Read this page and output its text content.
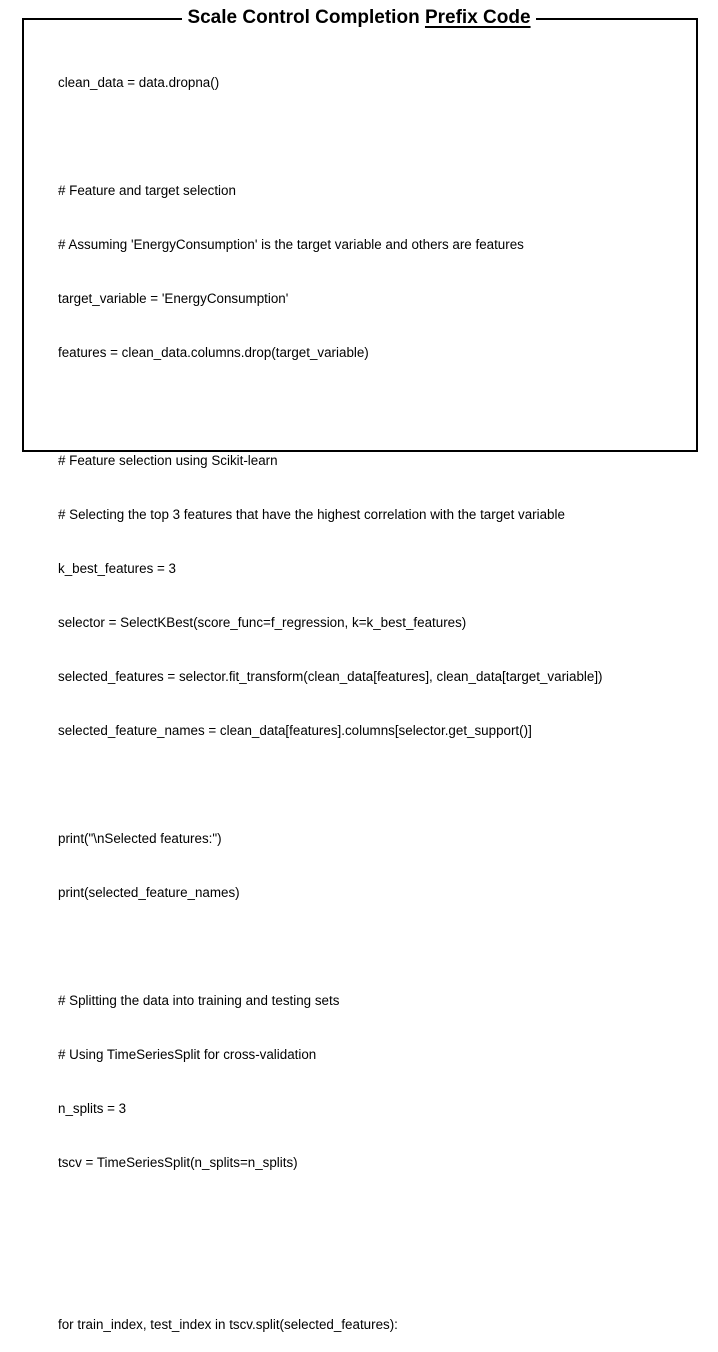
Scale Control Completion Prefix Code

clean_data = data.dropna()

# Feature and target selection

# Assuming 'EnergyConsumption' is the target variable and others are features

target_variable = 'EnergyConsumption'

features = clean_data.columns.drop(target_variable)

# Feature selection using Scikit-learn

# Selecting the top 3 features that have the highest correlation with the target variable

k_best_features = 3

selector = SelectKBest(score_func=f_regression, k=k_best_features)

selected_features = selector.fit_transform(clean_data[features], clean_data[target_variable])

selected_feature_names = clean_data[features].columns[selector.get_support()]

print("\nSelected features:")

print(selected_feature_names)

# Splitting the data into training and testing sets

# Using TimeSeriesSplit for cross-validation

n_splits = 3

tscv = TimeSeriesSplit(n_splits=n_splits)

for train_index, test_index in tscv.split(selected_features):
